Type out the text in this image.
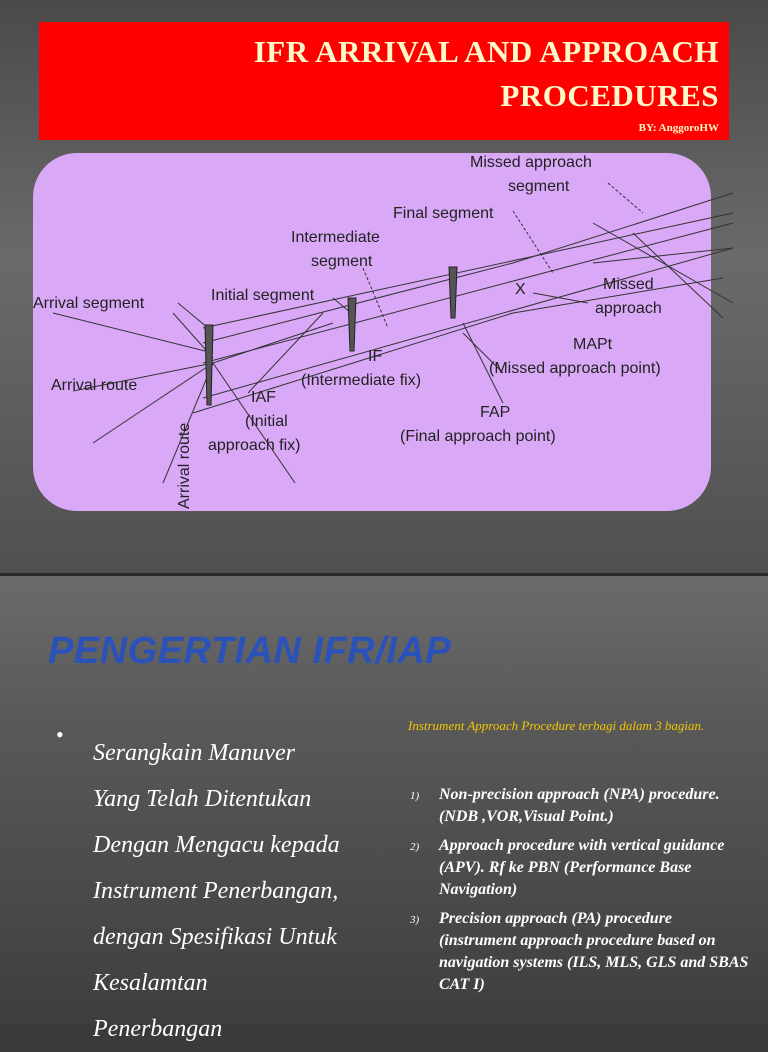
IFR ARRIVAL AND APPROACH
PROCEDURES
BY: AnggoroHW
Missed approach
segment
Final segment
Intermediate
segment
Arrival segment	Initial segment
Missed
approach
MAPt
(Missed approach point)
X
IF
(Intermediate fix)
Arrival route
IAF
(Initial
approach fix)
FAP
(Final approach point)
Arrival route
PENGERTIAN IFR/IAP
•
Serangkain Manuver
Yang Telah Ditentukan
Dengan Mengacu kepada
Instrument Penerbangan,
dengan Spesifikasi Untuk
Kesalamtan
Penerbangan
Instrument Approach Procedure terbagi dalam 3 bagian.
1) Non-precision approach (NPA) procedure. (NDB ,VOR,Visual Point.)
2) Approach procedure with vertical guidance (APV). Rf ke PBN (Performance Base Navigation)
3) Precision approach (PA) procedure (instrument approach procedure based on navigation systems (ILS, MLS, GLS and SBAS CAT I)
